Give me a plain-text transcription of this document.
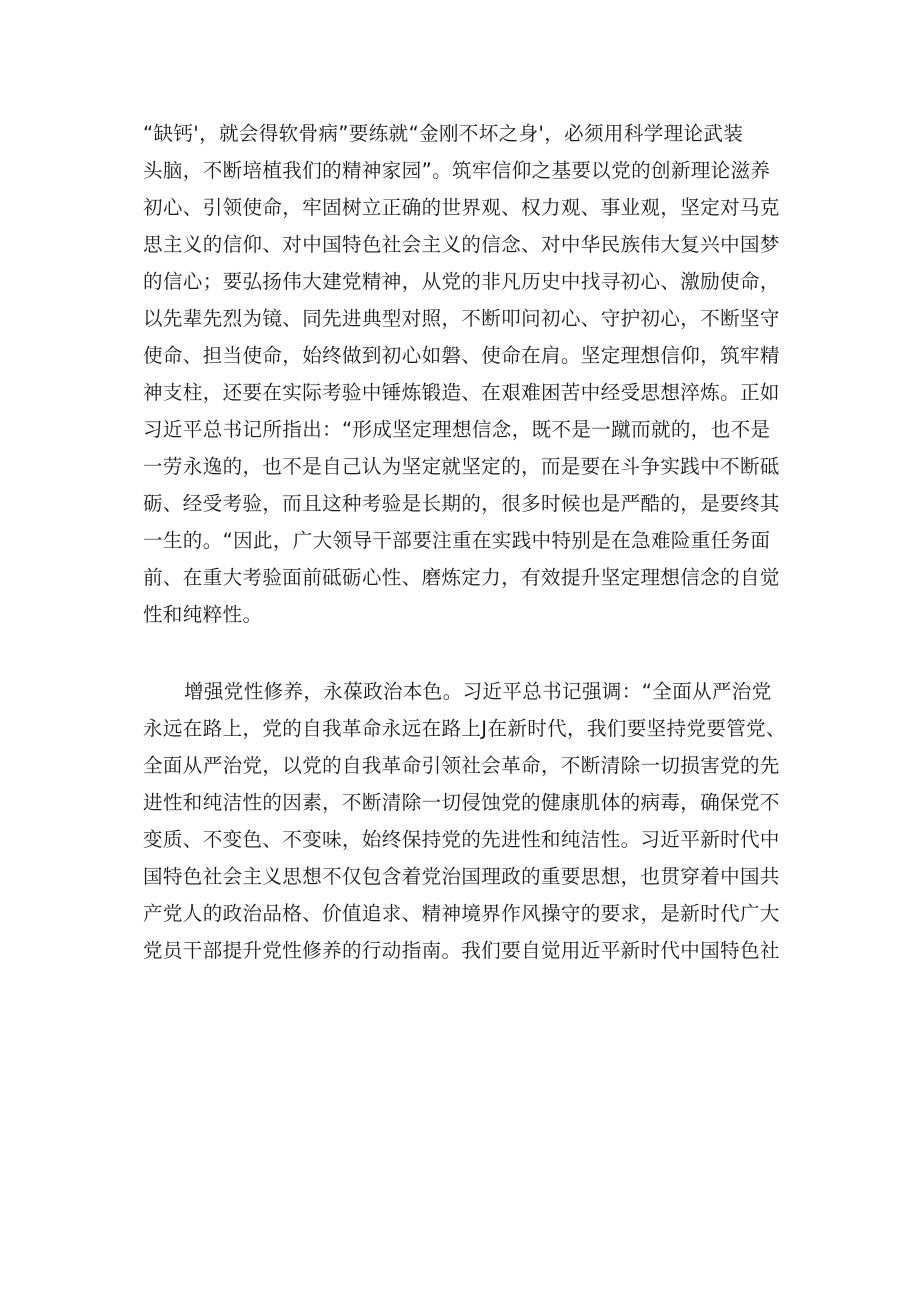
“缺钙'，就会得软骨病”要练就“金刚不坏之身'，必须用科学理论武装
头脑，不断培植我们的精神家园”。筑牢信仰之基要以党的创新理论滋养
初心、引领使命，牢固树立正确的世界观、权力观、事业观，坚定对马克
思主义的信仰、对中国特色社会主义的信念、对中华民族伟大复兴中国梦
的信心；要弘扬伟大建党精神，从党的非凡历史中找寻初心、激励使命，
以先辈先烈为镜、同先进典型对照，不断叩问初心、守护初心，不断坚守
使命、担当使命，始终做到初心如磐、使命在肩。坚定理想信仰，筑牢精
神支柱，还要在实际考验中锤炼锻造、在艰难困苦中经受思想淬炼。正如
习近平总书记所指出：“形成坚定理想信念，既不是一蹴而就的，也不是
一劳永逸的，也不是自己认为坚定就坚定的，而是要在斗争实践中不断砥
砺、经受考验，而且这种考验是长期的，很多时候也是严酷的，是要终其
一生的。“因此，广大领导干部要注重在实践中特别是在急难险重任务面
前、在重大考验面前砥砺心性、磨炼定力，有效提升坚定理想信念的自觉
性和纯粹性。
增强党性修养，永葆政治本色。习近平总书记强调：“全面从严治党
永远在路上，党的自我革命永远在路上J在新时代，我们要坚持党要管党、
全面从严治党，以党的自我革命引领社会革命，不断清除一切损害党的先
进性和纯洁性的因素，不断清除一切侵蚀党的健康肌体的病毒，确保党不
变质、不变色、不变味，始终保持党的先进性和纯洁性。习近平新时代中
国特色社会主义思想不仅包含着党治国理政的重要思想，也贯穿着中国共
产党人的政治品格、价值追求、精神境界作风操守的要求，是新时代广大
党员干部提升党性修养的行动指南。我们要自觉用近平新时代中国特色社
